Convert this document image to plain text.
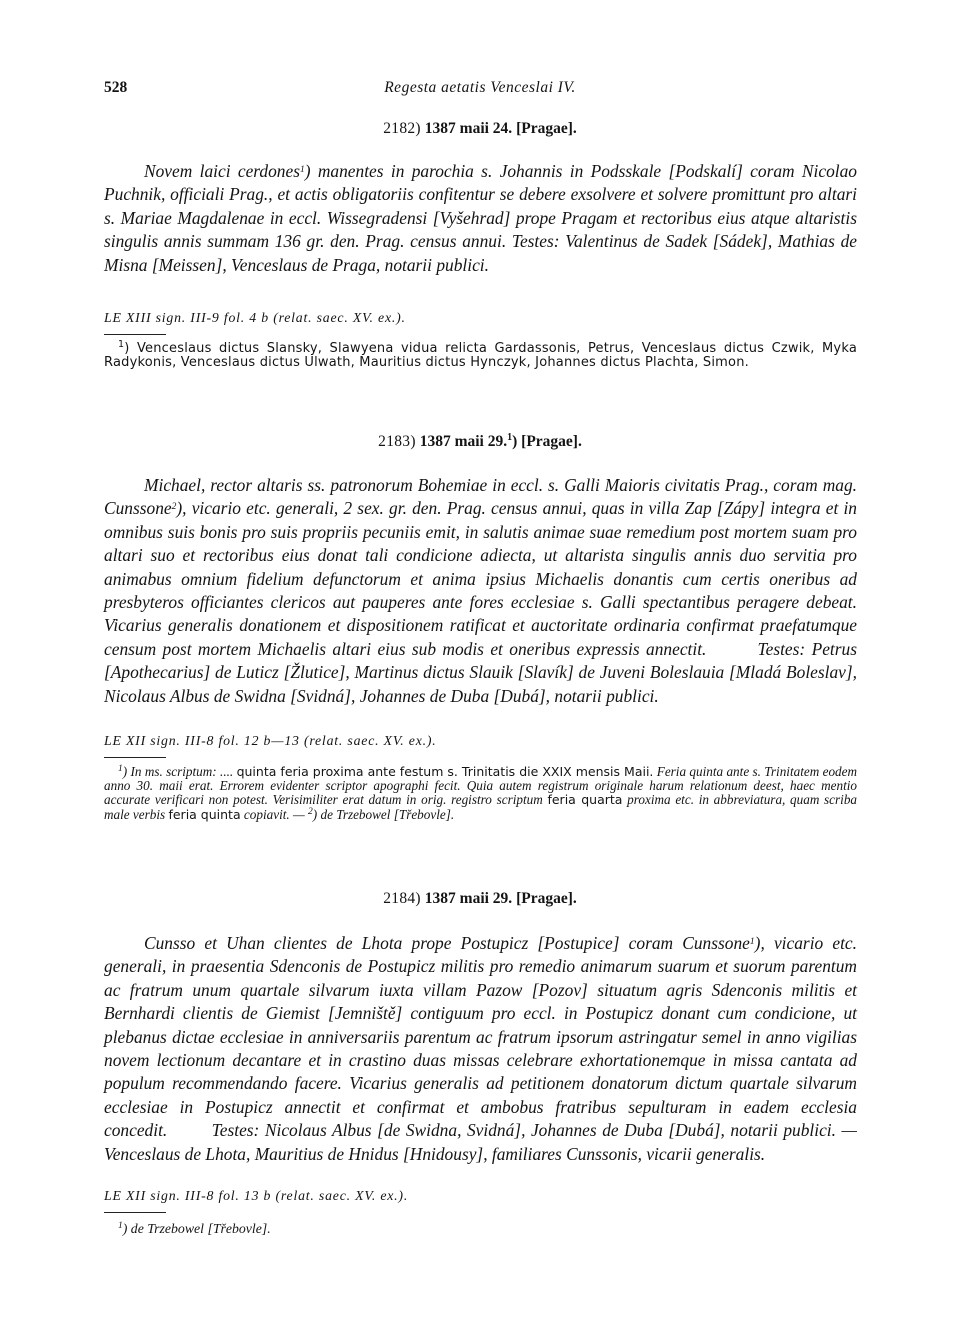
528	Regesta aetatis Venceslai IV.
2182) 1387 maii 24. [Pragae].

Novem laici cerdones$^1$) manentes in parochia s. Johannis in Podsskale [Podskalí] coram Nicolao Puchnik, officiali Prag., et actis obligatoriis confitentur se debere exsolvere et solvere promittunt pro altari s. Mariae Magdalenae in eccl. Wissegradensi [Vyšehrad] prope Pragam et rectoribus eius atque altaristis singulis annis summam 136 gr. den. Prag. census annui. Testes: Valentinus de Sadek [Sádek], Mathias de Misna [Meissen], Venceslaus de Praga, notarii publici.

LE XIII sign. III-9 fol. 4 b (relat. saec. XV. ex.).

$^1$) Venceslaus dictus Slansky, Slawyena vidua relicta Gardassonis, Petrus, Venceslaus dictus Czwik, Myka Radykonis, Venceslaus dictus Ulwath, Mauritius dictus Hynczyk, Johannes dictus Plachta, Simon.

2183) 1387 maii 29.$^1$) [Pragae].

Michael, rector altaris ss. patronorum Bohemiae in eccl. s. Galli Maioris civitatis Prag., coram mag. Cunssone$^2$), vicario etc. generali, 2 sex. gr. den. Prag. census annui, quas in villa Zap [Zápy] integra et in omnibus suis bonis pro suis propriis pecuniis emit, in salutis animae suae remedium post mortem suam pro altari suo et rectoribus eius donat tali condicione adiecta, ut altarista singulis annis duo servitia pro animabus omnium fidelium defunctorum et anima ipsius Michaelis donantis cum certis oneribus ad presbyteros officiantes clericos aut pauperes ante fores ecclesiae s. Galli spectantibus peragere debeat. Vicarius generalis donationem et dispositionem ratificat et auctoritate ordinaria confirmat praefatumque censum post mortem Michaelis altari eius sub modis et oneribus expressis annectit.	Testes: Petrus [Apothecarius] de Luticz [Žlutice], Martinus dictus Slauik [Slavík] de Juveni Boleslauia [Mladá Boleslav], Nicolaus Albus de Swidna [Svidná], Johannes de Duba [Dubá], notarii publici.

LE XII sign. III-8 fol. 12 b—13 (relat. saec. XV. ex.).

$^1$) In ms. scriptum: .... quinta feria proxima ante festum s. Trinitatis die XXIX mensis Maii. Feria quinta ante s. Trinitatem eodem anno 30. maii erat. Errorem evidenter scriptor apographi fecit. Quia autem registrum originale harum relationum deest, haec mentio accurate verificari non potest. Verisimiliter erat datum in orig. registro scriptum feria quarta proxima etc. in abbreviatura, quam scriba male verbis feria quinta copiavit. — $^2$) de Trzebowel [Třebovle].

2184) 1387 maii 29. [Pragae].

Cunsso et Uhan clientes de Lhota prope Postupicz [Postupice] coram Cunssone$^1$), vicario etc. generali, in praesentia Sdenconis de Postupicz militis pro remedio animarum suarum et suorum parentum ac fratrum unum quartale silvarum iuxta villam Pazow [Pozov] situatum agris Sdenconis militis et Bernhardi clientis de Giemist [Jemniště] contiguum pro eccl. in Postupicz donant cum condicione, ut plebanus dictae ecclesiae in anniversariis parentum ac fratrum ipsorum astringatur semel in anno vigilias novem lectionum decantare et in crastino duas missas celebrare exhortationemque in missa cantata ad populum recommendando facere. Vicarius generalis ad petitionem donatorum dictum quartale silvarum ecclesiae in Postupicz annectit et confirmat et ambobus fratribus sepulturam in eadem ecclesia concedit.	Testes: Nicolaus Albus [de Swidna, Svidná], Johannes de Duba [Dubá], notarii publici. — Venceslaus de Lhota, Mauritius de Hnidus [Hnidousy], familiares Cunssonis, vicarii generalis.

LE XII sign. III-8 fol. 13 b (relat. saec. XV. ex.).

$^1$) de Trzebowel [Třebovle].
